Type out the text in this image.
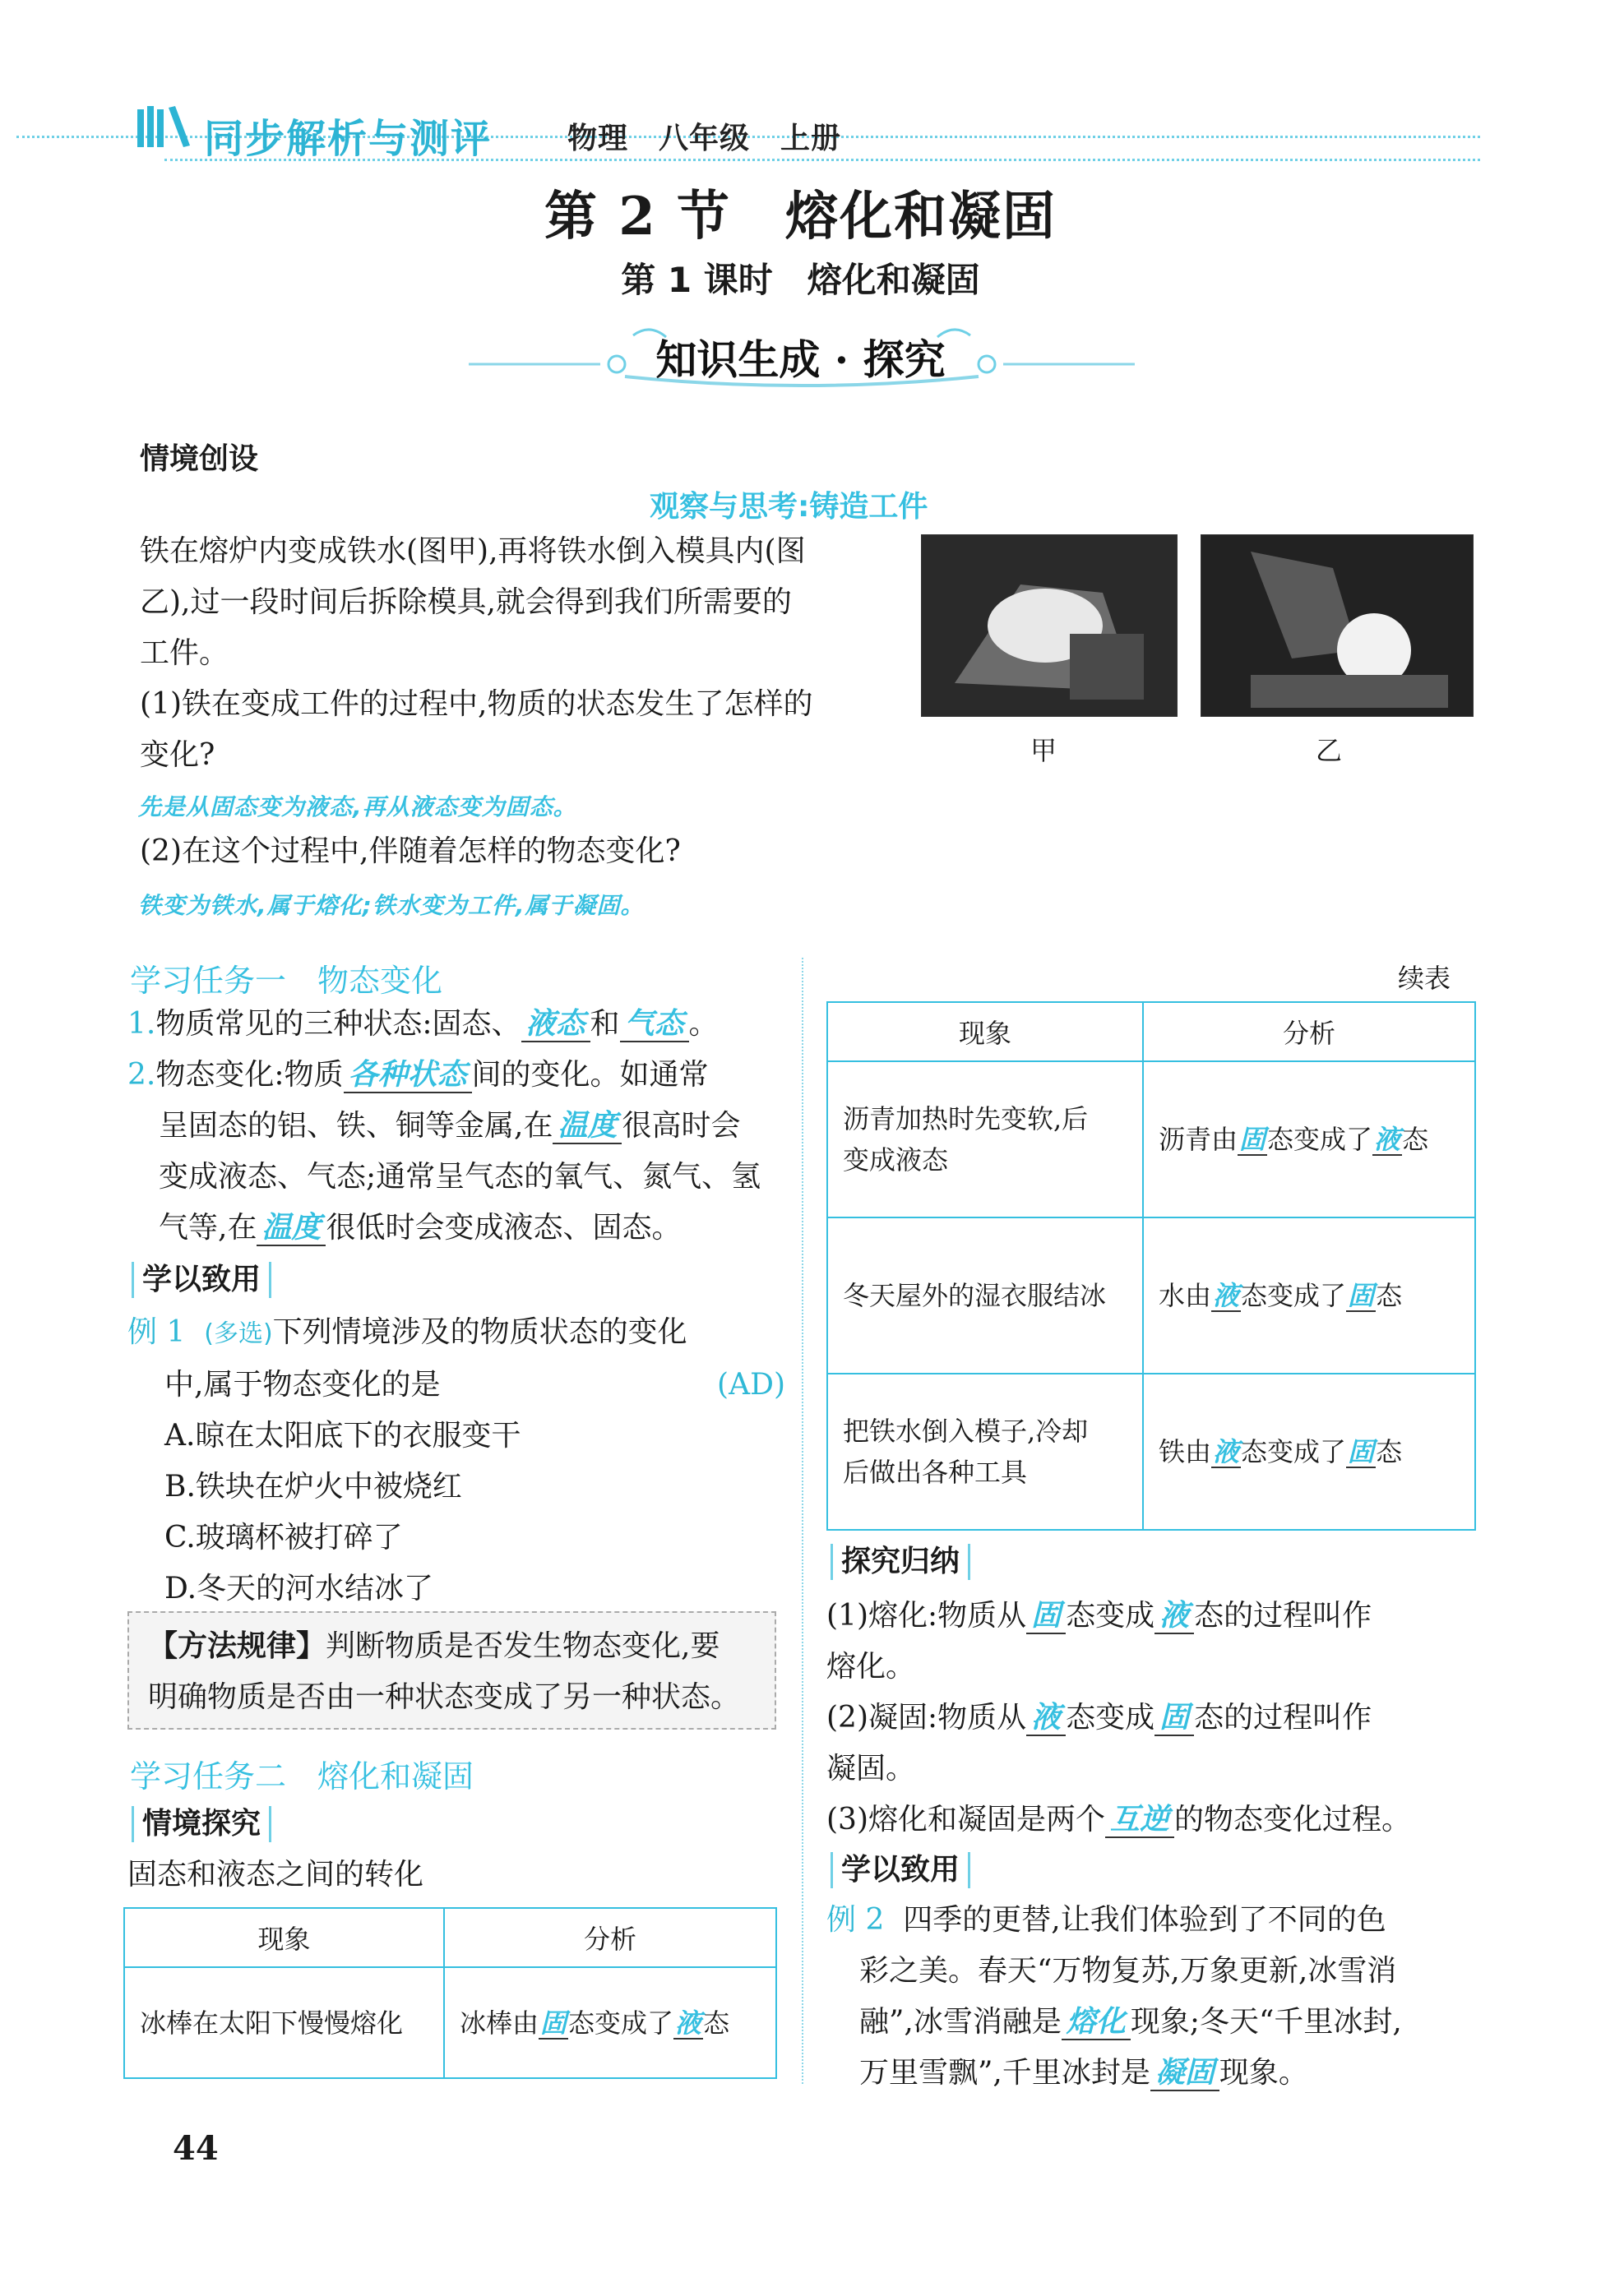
同步解析与测评	物理　八年级　上册
第 2 节　熔化和凝固
第 1 课时　熔化和凝固
知识生成 · 探究
情境创设
观察与思考:铸造工件
铁在熔炉内变成铁水(图甲),再将铁水倒入模具内(图
乙),过一段时间后拆除模具,就会得到我们所需要的
工件。
(1)铁在变成工件的过程中,物质的状态发生了怎样的
变化?
先是从固态变为液态,再从液态变为固态。
(2)在这个过程中,伴随着怎样的物态变化?
铁变为铁水,属于熔化;铁水变为工件,属于凝固。
甲	乙
学习任务一　物态变化
1.物质常见的三种状态:固态、 液态 和 气态 。
2.物态变化:物质 各种状态 间的变化。如通常
呈固态的铝、铁、铜等金属,在 温度 很高时会
变成液态、气态;通常呈气态的氧气、氮气、氢
气等,在 温度 很低时会变成液态、固态。
学以致用
例 1 (多选)下列情境涉及的物质状态的变化
中,属于物态变化的是	(AD)
A.晾在太阳底下的衣服变干
B.铁块在炉火中被烧红
C.玻璃杯被打碎了
D.冬天的河水结冰了
【方法规律】判断物质是否发生物态变化,要
明确物质是否由一种状态变成了另一种状态。
学习任务二　熔化和凝固
情境探究
固态和液态之间的转化
现象	分析
冰棒在太阳下慢慢熔化	冰棒由固态变成了液态
44
续表
现象	分析

沥青加热时先变软,后
变成液态	沥青由固态变成了液态

冬天屋外的湿衣服结冰	水由液态变成了固态

把铁水倒入模子,冷却
后做出各种工具	铁由液态变成了固态
探究归纳
(1)熔化:物质从 固 态变成 液 态的过程叫作
熔化。
(2)凝固:物质从 液 态变成 固 态的过程叫作
凝固。
(3)熔化和凝固是两个 互逆 的物态变化过程。
学以致用
例 2 四季的更替,让我们体验到了不同的色
彩之美。春天“万物复苏,万象更新,冰雪消
融”,冰雪消融是 熔化 现象;冬天“千里冰封,
万里雪飘”,千里冰封是 凝固 现象。
